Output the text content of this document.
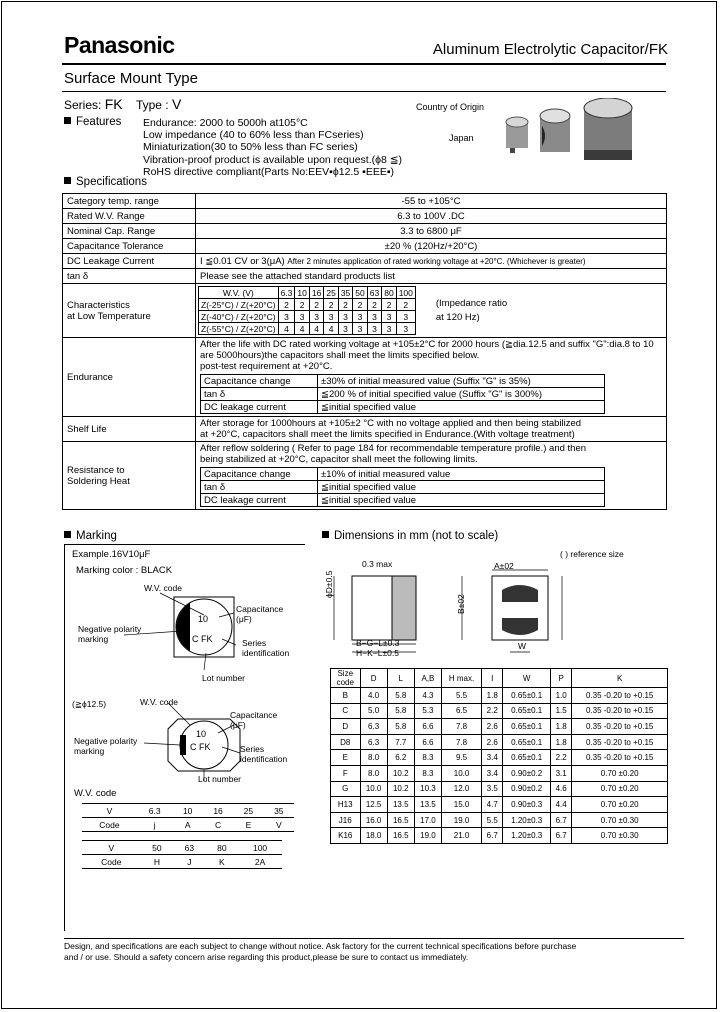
Panasonic	Aluminum Electrolytic Capacitor/FK
Surface Mount Type
Series: FK Type : V
Features Endurance: 2000 to 5000h at105°C
Low impedance (40 to 60% less than FCseries)
Miniaturization(30 to 50% less than FC series)
Vibration-proof product is available upon request.(ϕ8 ≦)
RoHS directive compliant(Parts No:EEV▪ϕ12.5 ▪EEE▪)
Country of Origin
Japan
Specifications
Category temp. range	-55 to +105°C
Rated W.V. Range	6.3 to 100V .DC
Nominal Cap. Range	3.3 to 6800 μF
Capacitance Tolerance	±20 % (120Hz/+20°C)
DC Leakage Current	I ≦0.01 CV or 3(μA) After 2 minutes application of rated working voltage at +20°C. (Whichever is greater)
tan δ	Please see the attached standard products list
Characteristics
at Low Temperature	
W.V. (V)	6.3	10	16	25	35	50	63	80	100
Z(-25°C) / Z(+20°C)	2	2	2	2	2	2	2	2	2
Z(-40°C) / Z(+20°C)	3	3	3	3	3	3	3	3	3
Z(-55°C) / Z(+20°C)	4	4	4	4	3	3	3	3	3
(Impedance ratio
at 120 Hz)

Endurance	
After the life with DC rated working voltage at +105±2°C for 2000 hours (≧dia.12.5 and suffix "G":dia.8 to 10 are 5000hours)the capacitors shall meet the limits specified below.
post-test requirement at +20°C.
Capacitance change	±30% of initial measured value (Suffix "G" is 35%)
tan δ	≦200 % of initial specified value (Suffix "G" is 300%)
DC leakage current	≦initial specified value

Shelf Life	After storage for 1000hours at +105±2 °C with no voltage applied and then being stabilized
at +20°C, capacitors shall meet the limits specified in Endurance.(With voltage treatment)

Resistance to
Soldering Heat	
After reflow soldering ( Refer to page 184 for recommendable temperature profile.) and then
being stabilized at +20°C, capacitor shall meet the following limits.
Capacitance change	±10% of initial measured value
tan δ	≦initial specified value
DC leakage current	≦initial specified value
Marking
Example.16V10μF
Marking color : BLACK
W.V. code
Capacitance
(μF)
Negative polarity
marking	Series
identification
Lot number
10
C FK
(≧ϕ12.5)	W.V. code
Capacitance
(μF)
Negative polarity
marking	Series
identification
Lot number
10
C FK
W.V. code
V	6.3	10	16	25	35
Code	j	A	C	E	V
V	50	63	80	100
Code	H	J	K	2A
Dimensions in mm (not to scale)
( ) reference size
0.3 max
ϕD±0.5
B−G−L±0.3
H−K−L±0.5
A±02
B±02
W
Size
code	D	L	A,B	H max.	I	W	P	K
B	4.0	5.8	4.3	5.5	1.8	0.65±0.1	1.0	0.35 -0.20 to +0.15
C	5.0	5.8	5.3	6.5	2.2	0.65±0.1	1.5	0.35 -0.20 to +0.15
D	6.3	5.8	6.6	7.8	2.6	0.65±0.1	1.8	0.35 -0.20 to +0.15
D8	6.3	7.7	6.6	7.8	2.6	0.65±0.1	1.8	0.35 -0.20 to +0.15
E	8.0	6.2	8.3	9.5	3.4	0.65±0.1	2.2	0.35 -0.20 to +0.15
F	8.0	10.2	8.3	10.0	3.4	0.90±0.2	3.1	0.70 ±0.20
G	10.0	10.2	10.3	12.0	3.5	0.90±0.2	4.6	0.70 ±0.20
H13	12.5	13.5	13.5	15.0	4.7	0.90±0.3	4.4	0.70 ±0.20
J16	16.0	16.5	17.0	19.0	5.5	1.20±0.3	6.7	0.70 ±0.30
K16	18.0	16.5	19.0	21.0	6.7	1.20±0.3	6.7	0.70 ±0.30
Design, and specifications are each subject to change without notice. Ask factory for the current technical specifications before purchase
and / or use. Should a safety concern arise regarding this product,please be sure to contact us immediately.
